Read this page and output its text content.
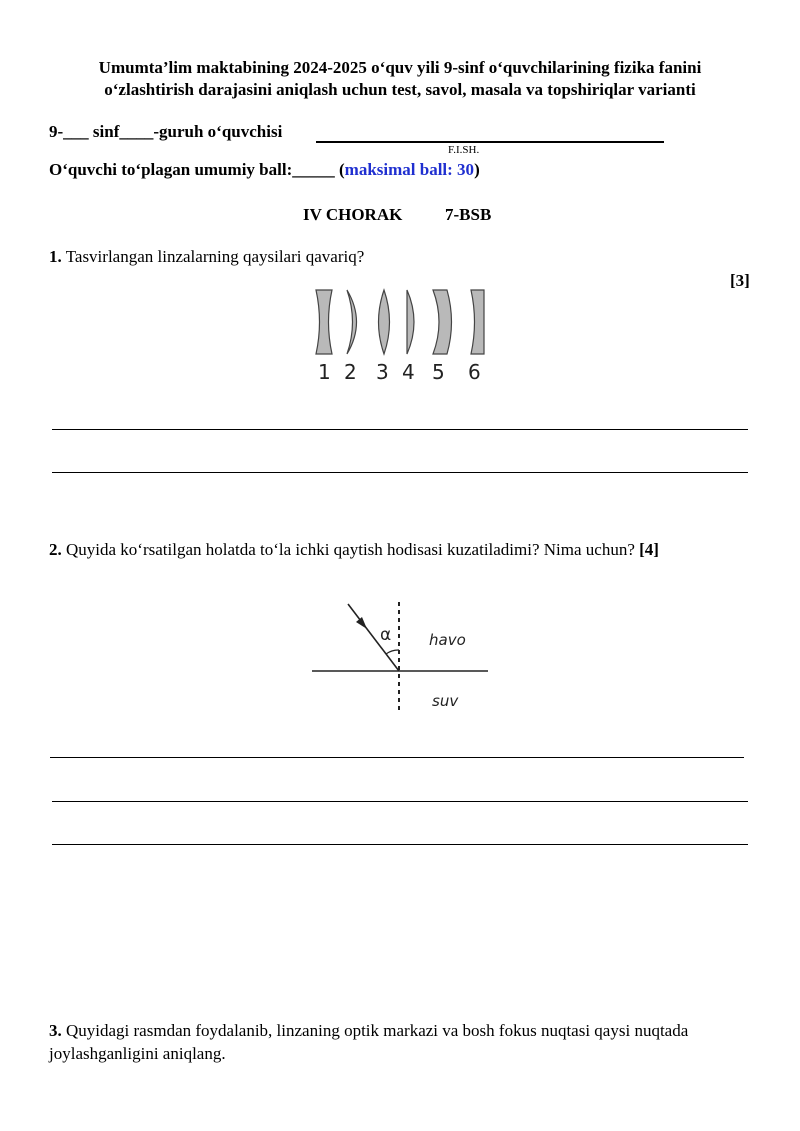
Umumta’lim maktabining 2024-2025 o‘quv yili 9-sinf o‘quvchilarining fizika fanini
o‘zlashtirish darajasini aniqlash uchun test, savol, masala va topshiriqlar varianti
9-___ sinf____-guruh o‘quvchisi
F.I.SH.
O‘quvchi to‘plagan umumiy ball:_____ (maksimal ball: 30)
IV CHORAK	7-BSB
1. Tasvirlangan linzalarning qaysilari qavariq?
[3]
1 2 3 4 5 6
2. Quyida ko‘rsatilgan holatda to‘la ichki qaytish hodisasi kuzatiladimi? Nima uchun? [4]
α	havo
suv
3. Quyidagi rasmdan foydalanib, linzaning optik markazi va bosh fokus nuqtasi qaysi nuqtada
joylashganligini aniqlang.
